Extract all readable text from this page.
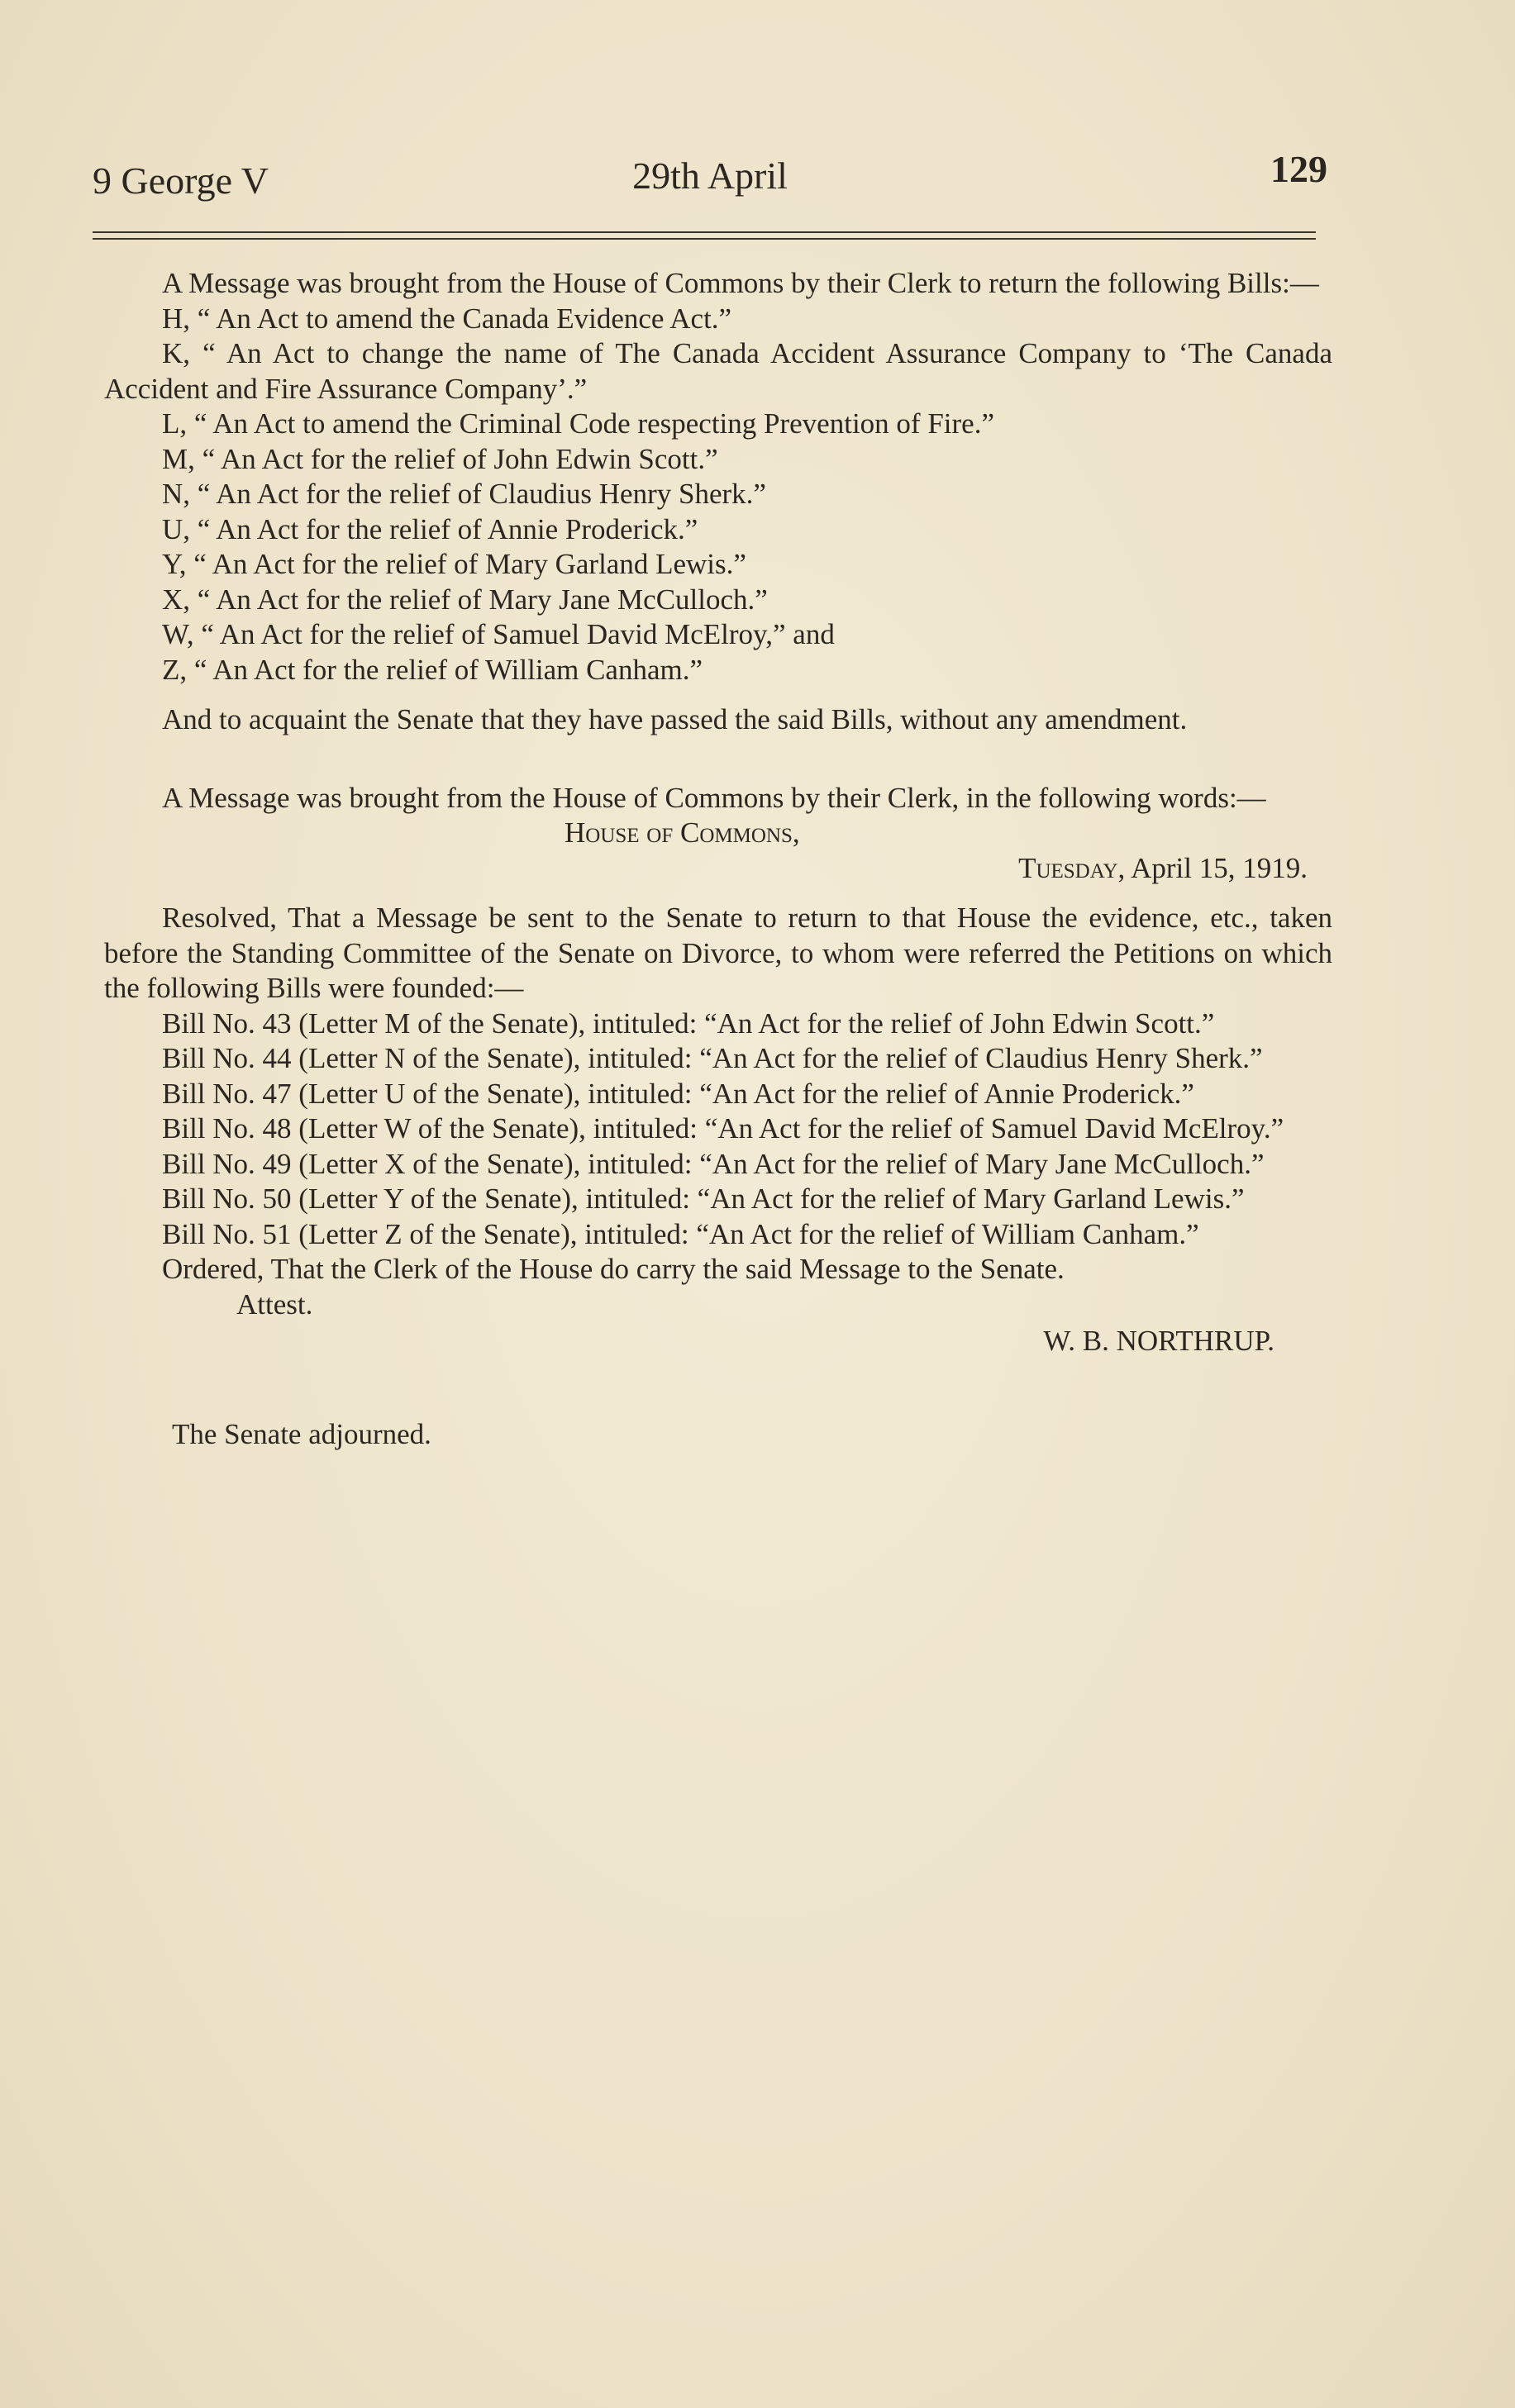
9 George V	29th April	129

A Message was brought from the House of Commons by their Clerk to return the following Bills:—

H, “ An Act to amend the Canada Evidence Act.”

K, “ An Act to change the name of The Canada Accident Assurance Company to ‘The Canada Accident and Fire Assurance Company’.”

L, “ An Act to amend the Criminal Code respecting Prevention of Fire.”

M, “ An Act for the relief of John Edwin Scott.”

N, “ An Act for the relief of Claudius Henry Sherk.”

U, “ An Act for the relief of Annie Proderick.”

Y, “ An Act for the relief of Mary Garland Lewis.”

X, “ An Act for the relief of Mary Jane McCulloch.”

W, “ An Act for the relief of Samuel David McElroy,” and

Z, “ An Act for the relief of William Canham.”

And to acquaint the Senate that they have passed the said Bills, without any amendment.

A Message was brought from the House of Commons by their Clerk, in the following words:—

House of Commons,

Tuesday, April 15, 1919.

Resolved, That a Message be sent to the Senate to return to that House the evidence, etc., taken before the Standing Committee of the Senate on Divorce, to whom were referred the Petitions on which the following Bills were founded:—

Bill No. 43 (Letter M of the Senate), intituled: “An Act for the relief of John Edwin Scott.”

Bill No. 44 (Letter N of the Senate), intituled: “An Act for the relief of Claudius Henry Sherk.”

Bill No. 47 (Letter U of the Senate), intituled: “An Act for the relief of Annie Proderick.”

Bill No. 48 (Letter W of the Senate), intituled: “An Act for the relief of Samuel David McElroy.”

Bill No. 49 (Letter X of the Senate), intituled: “An Act for the relief of Mary Jane McCulloch.”

Bill No. 50 (Letter Y of the Senate), intituled: “An Act for the relief of Mary Garland Lewis.”

Bill No. 51 (Letter Z of the Senate), intituled: “An Act for the relief of William Canham.”

Ordered, That the Clerk of the House do carry the said Message to the Senate.

Attest.

W. B. NORTHRUP.

The Senate adjourned.
